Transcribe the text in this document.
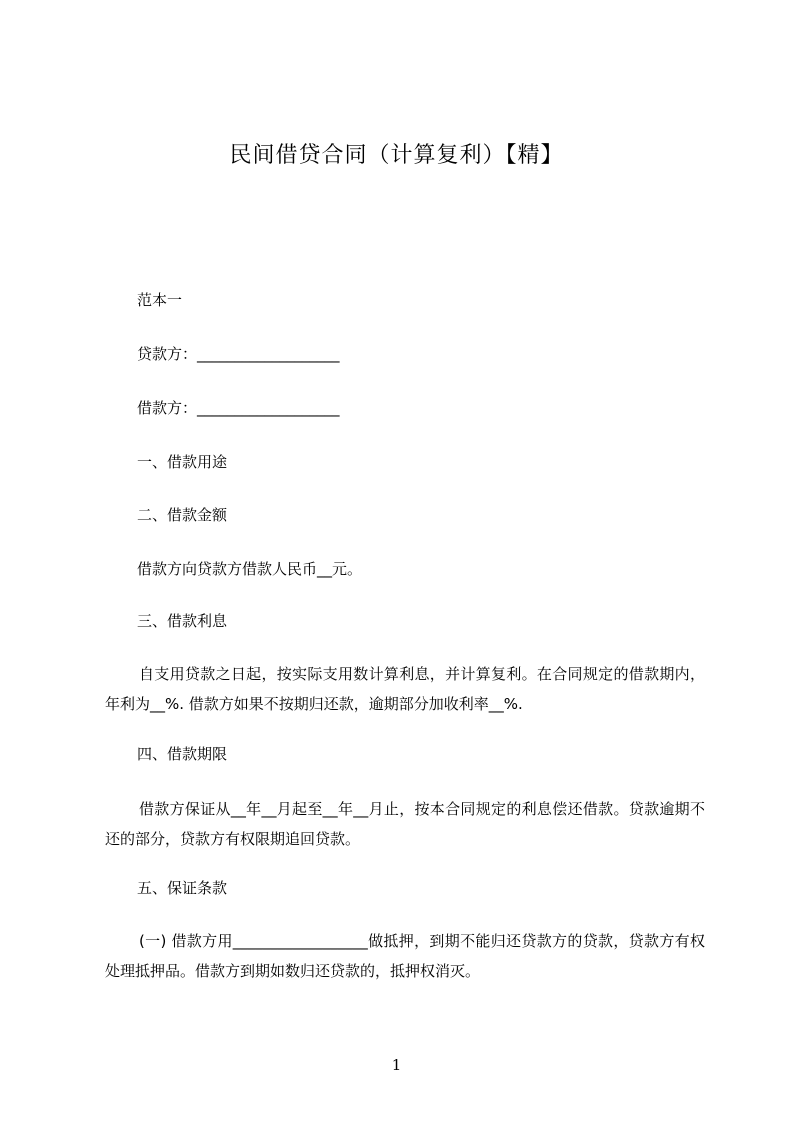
民间借贷合同（计算复利）【精】
范本一
贷款方：___________________
借款方：___________________
一、借款用途
二、借款金额
借款方向贷款方借款人民币__元。
三、借款利息
自支用贷款之日起，按实际支用数计算利息，并计算复利。在合同规定的借款期内，年利为__%. 借款方如果不按期归还款，逾期部分加收利率__%.
四、借款期限
借款方保证从__年__月起至__年__月止，按本合同规定的利息偿还借款。贷款逾期不还的部分，贷款方有权限期追回贷款。
五、保证条款
(一) 借款方用__________________做抵押，到期不能归还贷款方的贷款，贷款方有权处理抵押品。借款方到期如数归还贷款的，抵押权消灭。
1
